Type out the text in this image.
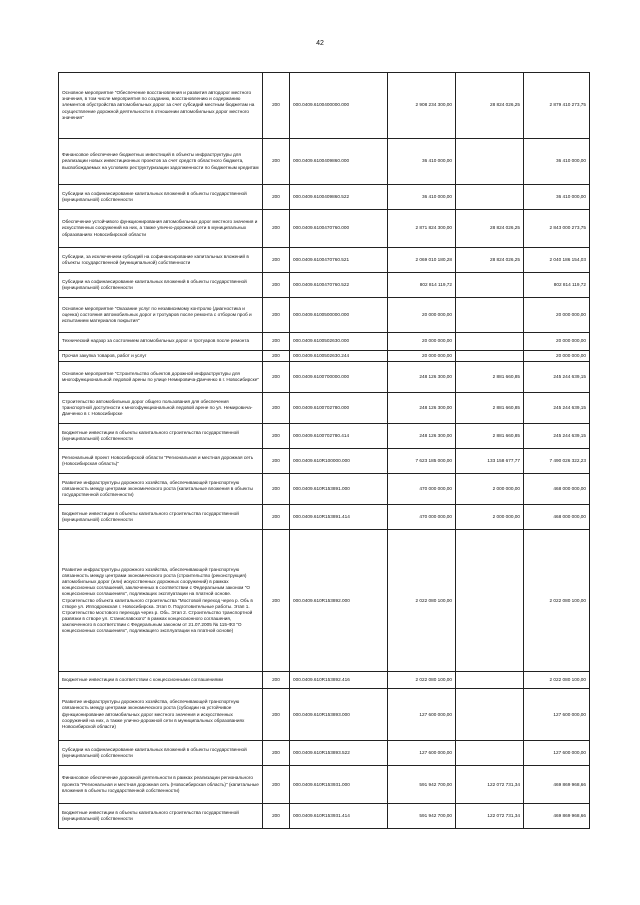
42
Основное мероприятие "Обеспечение восстановления и развития автодорог местного значения, в том числе мероприятия по созданию, восстановлению и содержанию элементов обустройства автомобильных дорог за счет субсидий местным бюджетам на осуществление дорожной деятельности в отношении автомобильных дорог местного значения"	200	000.0409.6100400000.000	2 908 234 300,00	28 824 026,25	2 879 410 273,75
Финансовое обеспечение бюджетных инвестиций в объекты инфраструктуры для реализации новых инвестиционных проектов за счет средств областного бюджета, высвобождаемых на условиях реструктуризации задолженности по бюджетным кредитам	200	000.0409.6100409860.000	36 410 000,00		36 410 000,00
Субсидии на софинансирование капитальных вложений в объекты государственной (муниципальной) собственности	200	000.0409.6100409860.522	36 410 000,00		36 410 000,00
Обеспечение устойчивого функционирования автомобильных дорог местного значения и искусственных сооружений на них, а также улично-дорожной сети в муниципальных образованиях Новосибирской области	200	000.0409.6100470760.000	2 871 824 300,00	28 824 026,25	2 843 000 273,75
Субсидии, за исключением субсидий на софинансирование капитальных вложений в объекты государственной (муниципальной) собственности	200	000.0409.6100470760.521	2 069 010 180,28	28 824 026,25	2 040 186 154,03
Субсидии на софинансирование капитальных вложений в объекты государственной (муниципальной) собственности	200	000.0409.6100470760.522	802 814 119,72		802 814 119,72
Основное мероприятие "Оказание услуг по независимому контролю (диагностика и оценка) состояния автомобильных дорог и тротуаров после ремонта с отбором проб и испытанием материалов покрытия"	200	000.0409.6100500000.000	20 000 000,00		20 000 000,00
Технический надзор за состоянием автомобильных дорог и тротуаров после ремонта	200	000.0409.6100502630.000	20 000 000,00		20 000 000,00
Прочая закупка товаров, работ и услуг	200	000.0409.6100502630.244	20 000 000,00		20 000 000,00
Основное мероприятие "Строительство объектов дорожной инфраструктуры для многофункциональной ледовой арены по улице Немировича-Данченко в г. Новосибирске"	200	000.0409.6100700000.000	248 126 300,00	2 881 660,85	245 244 639,15
Строительство автомобильных дорог общего пользования для обеспечения транспортной доступности к многофункциональной ледовой арене по ул. Немировича-Данченко в г. Новосибирске	200	000.0409.6100702780.000	248 126 300,00	2 881 660,85	245 244 639,15
Бюджетные инвестиции в объекты капитального строительства государственной (муниципальной) собственности	200	000.0409.6100702780.414	248 126 300,00	2 881 660,85	245 244 639,15
Региональный проект Новосибирской области "Региональная и местная дорожная сеть (Новосибирская область)"	200	000.0409.610R100000.000	7 623 185 000,00	133 158 677,77	7 490 026 322,23
Развитие инфраструктуры дорожного хозяйства, обеспечивающей транспортную связанность между центрами экономического роста (капитальные вложения в объекты государственной собственности)	200	000.0409.610R153891.000	470 000 000,00	2 000 000,00	468 000 000,00
Бюджетные инвестиции в объекты капитального строительства государственной (муниципальной) собственности	200	000.0409.610R153891.414	470 000 000,00	2 000 000,00	468 000 000,00
Развитие инфраструктуры дорожного хозяйства, обеспечивающей транспортную связанность между центрами экономического роста (строительство (реконструкция) автомобильных дорог (или) искусственных дорожных сооружений) в рамках концессионных соглашений, заключенных в соответствии с Федеральным законом "О концессионных соглашениях", подлежащих эксплуатации на платной основе. Строительство объекта капитального строительства "Мостовой переход через р. Обь в створе ул. Ипподромская г. Новосибирска. Этап 0. Подготовительные работы. Этап 1. Строительство мостового перехода через р. Обь. Этап 2. Строительство транспортной развязки в створе ул. Станиславского" в рамках концессионного соглашения, заключенного в соответствии с Федеральным законом от 21.07.2005 № 115-ФЗ "О концессионных соглашениях", подлежащего эксплуатации на платной основе)	200	000.0409.610R153892.000	2 022 080 100,00		2 022 080 100,00
Бюджетные инвестиции в соответствии с концессионными соглашениями	200	000.0409.610R153892.416	2 022 080 100,00		2 022 080 100,00
Развитие инфраструктуры дорожного хозяйства, обеспечивающей транспортную связанность между центрами экономического роста (субсидии на устойчивое функционирование автомобильных дорог местного значения и искусственных сооружений на них, а также улично-дорожной сети в муниципальных образованиях Новосибирской области)	200	000.0409.610R153893.000	127 600 000,00		127 600 000,00
Субсидии на софинансирование капитальных вложений в объекты государственной (муниципальной) собственности	200	000.0409.610R153893.522	127 600 000,00		127 600 000,00
Финансовое обеспечение дорожной деятельности в рамках реализации регионального проекта "Региональная и местная дорожная сеть (Новосибирская область)" (капитальные вложения в объекты государственной собственности)	200	000.0409.610R153931.000	591 942 700,00	122 072 731,34	469 869 968,66
Бюджетные инвестиции в объекты капитального строительства государственной (муниципальной) собственности	200	000.0409.610R153931.414	591 942 700,00	122 072 731,34	469 869 968,66
